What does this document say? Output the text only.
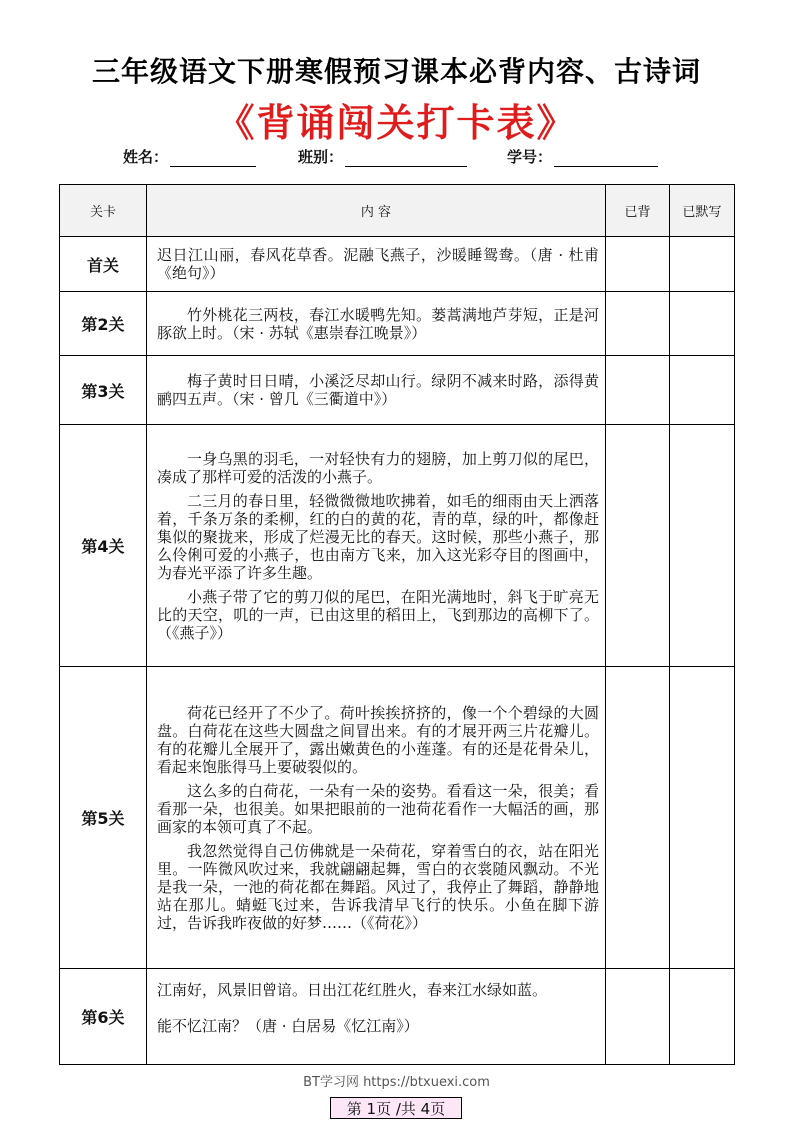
三年级语文下册寒假预习课本必背内容、古诗词
《背诵闯关打卡表》
姓名：	班别：	学号：
关卡	内 容	已背	已默写
首关	迟日江山丽，春风花草香。泥融飞燕子，沙暖睡鸳鸯。（唐 · 杜甫《绝句》）		

第2关	竹外桃花三两枝，春江水暖鸭先知。蒌蒿满地芦芽短，正是河豚欲上时。（宋 · 苏轼《惠崇春江晚景》）		

第3关	梅子黄时日日晴，小溪泛尽却山行。绿阴不减来时路，添得黄鹂四五声。（宋 · 曾几《三衢道中》）		

第4关	一身乌黑的羽毛，一对轻快有力的翅膀，加上剪刀似的尾巴，凑成了那样可爱的活泼的小燕子。

二三月的春日里，轻微微微地吹拂着，如毛的细雨由天上洒落着，千条万条的柔柳，红的白的黄的花，青的草，绿的叶，都像赶集似的聚拢来，形成了烂漫无比的春天。这时候，那些小燕子，那么伶俐可爱的小燕子，也由南方飞来，加入这光彩夺目的图画中，为春光平添了许多生趣。

小燕子带了它的剪刀似的尾巴，在阳光满地时，斜飞于旷亮无比的天空，叽的一声，已由这里的稻田上，飞到那边的高柳下了。（《燕子》）		

第5关	荷花已经开了不少了。荷叶挨挨挤挤的，像一个个碧绿的大圆盘。白荷花在这些大圆盘之间冒出来。有的才展开两三片花瓣儿。有的花瓣儿全展开了，露出嫩黄色的小莲蓬。有的还是花骨朵儿，看起来饱胀得马上要破裂似的。

这么多的白荷花，一朵有一朵的姿势。看看这一朵，很美；看看那一朵，也很美。如果把眼前的一池荷花看作一大幅活的画，那画家的本领可真了不起。

我忽然觉得自己仿佛就是一朵荷花，穿着雪白的衣，站在阳光里。一阵微风吹过来，我就翩翩起舞，雪白的衣裳随风飘动。不光是我一朵，一池的荷花都在舞蹈。风过了，我停止了舞蹈，静静地站在那儿。蜻蜓飞过来，告诉我清早飞行的快乐。小鱼在脚下游过，告诉我昨夜做的好梦……（《荷花》）		

第6关	江南好，风景旧曾谙。日出江花红胜火，春来江水绿如蓝。

能不忆江南？（唐 · 白居易《忆江南》）		

BT学习网 https://btxuexi.com
第 1页 /共 4页
